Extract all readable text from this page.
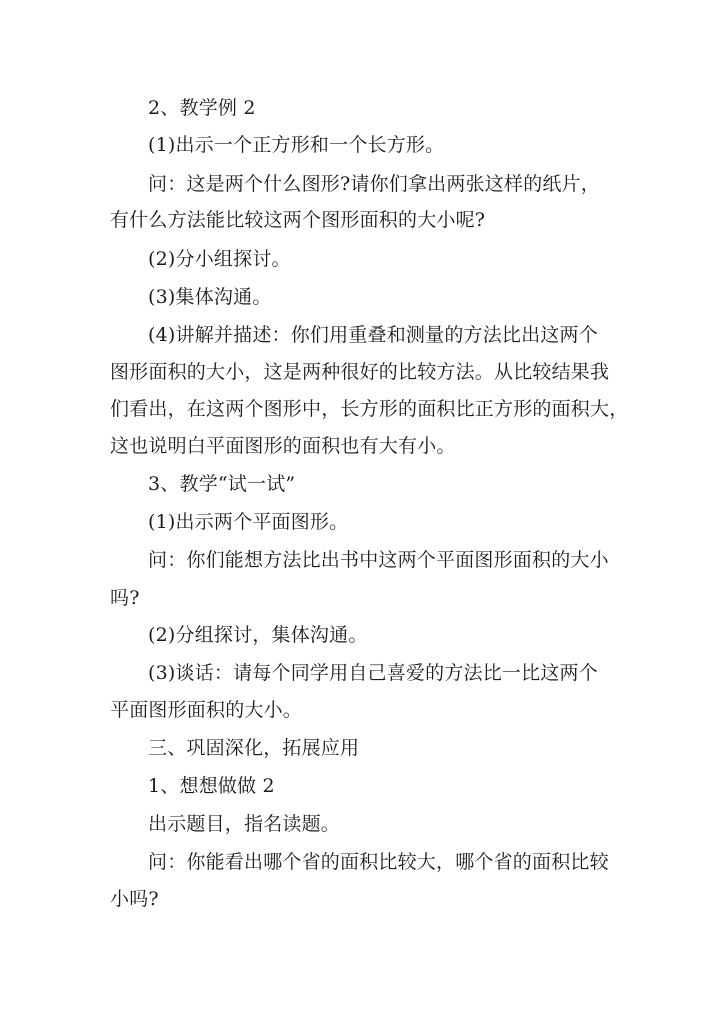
2、教学例 2
(1)出示一个正方形和一个长方形。
问：这是两个什么图形?请你们拿出两张这样的纸片，
有什么方法能比较这两个图形面积的大小呢?
(2)分小组探讨。
(3)集体沟通。
(4)讲解并描述：你们用重叠和测量的方法比出这两个
图形面积的大小，这是两种很好的比较方法。从比较结果我
们看出，在这两个图形中，长方形的面积比正方形的面积大，
这也说明白平面图形的面积也有大有小。
3、教学“试一试”
(1)出示两个平面图形。
问：你们能想方法比出书中这两个平面图形面积的大小
吗?
(2)分组探讨，集体沟通。
(3)谈话：请每个同学用自己喜爱的方法比一比这两个
平面图形面积的大小。
三、巩固深化，拓展应用
1、想想做做 2
出示题目，指名读题。
问：你能看出哪个省的面积比较大，哪个省的面积比较
小吗?
